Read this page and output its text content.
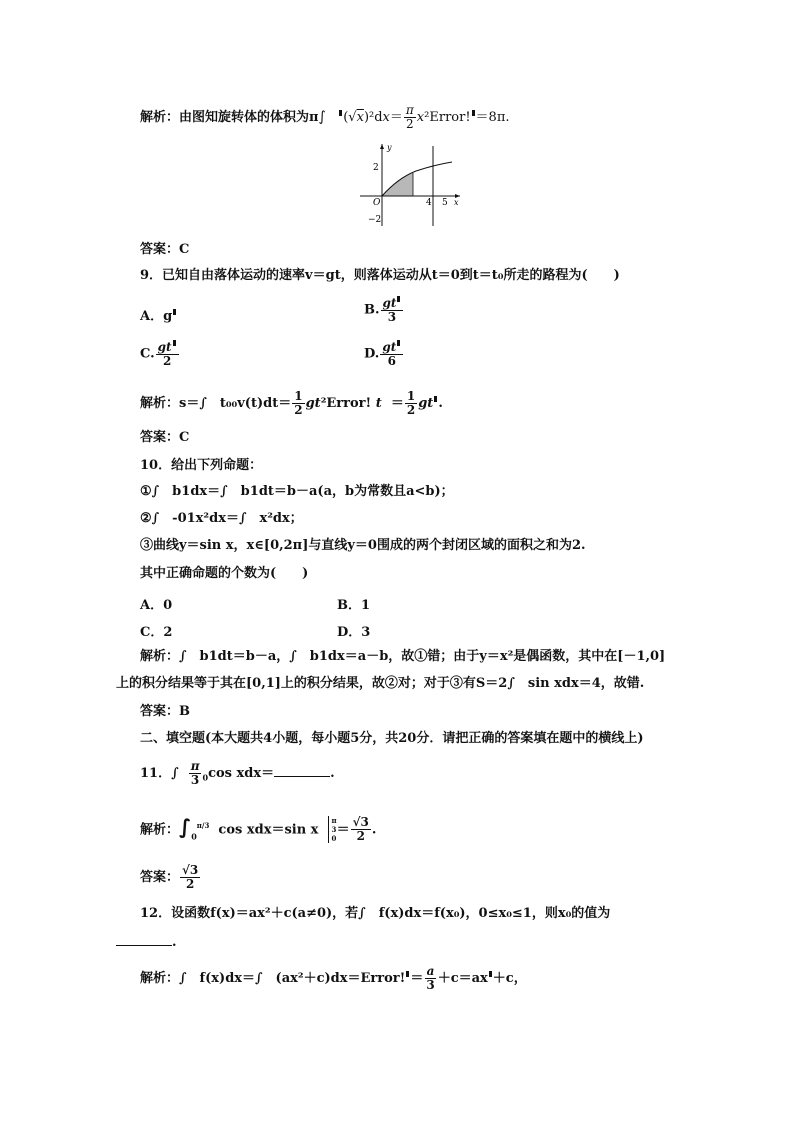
解析：由图知旋转体的体积为π∫ $(√x)^2dx= \frac{\pi}{2}$ x²Error! ＝8π.
y
x
O
2
−2
4 5
答案：C
9．已知自由落体运动的速率v＝gt，则落体运动从t＝0到t＝t₀所走的路程为(　　)
A．g	B. $\frac{gt}{3}$
C. $\frac{gt}{2}$	D. $\frac{gt}{6}$
解析：s＝∫　$t_{00}v(t)dt= \frac{1}{2}$ gt²Error! $t = \frac{1}{2}$ gt .
答案：C
10．给出下列命题：
①∫　b1dx＝∫　b1dt＝b－a(a，b为常数且a<b)；
②∫　-01x²dx＝∫　x²dx；
③曲线y＝sin x，x∈[0,2π]与直线y＝0围成的两个封闭区域的面积之和为2.
其中正确命题的个数为(　　)
A．0	B．1
C．2	D．3
解析：∫　b1dt＝b－a，∫　b1dx＝a－b，故①错；由于y＝x²是偶函数，其中在[－1,0]
上的积分结果等于其在[0,1]上的积分结果，故②对；对于③有S＝2∫　sin xdx＝4，故错.
答案：B
二、填空题(本大题共4小题，每小题5分，共20分．请把正确的答案填在题中的横线上)
11．∫ $\frac{\pi}{3} _0\cos$ xdx＝	.
解析：$\int_0^{\pi/3}$ cos xdx＝sin x  π
3
$0= \frac{√3}{2}$ .
答案： $\frac{√3}{2}$
12．设函数f(x)＝ax²＋c(a≠0)，若∫　f(x)dx＝f(x₀)，0≤x₀≤1，则x₀的值为
.
解析：∫　f(x)dx＝∫　(ax²＋c)dx＝Error! ＝ $\frac{a}{3} +c=ax +c$，
